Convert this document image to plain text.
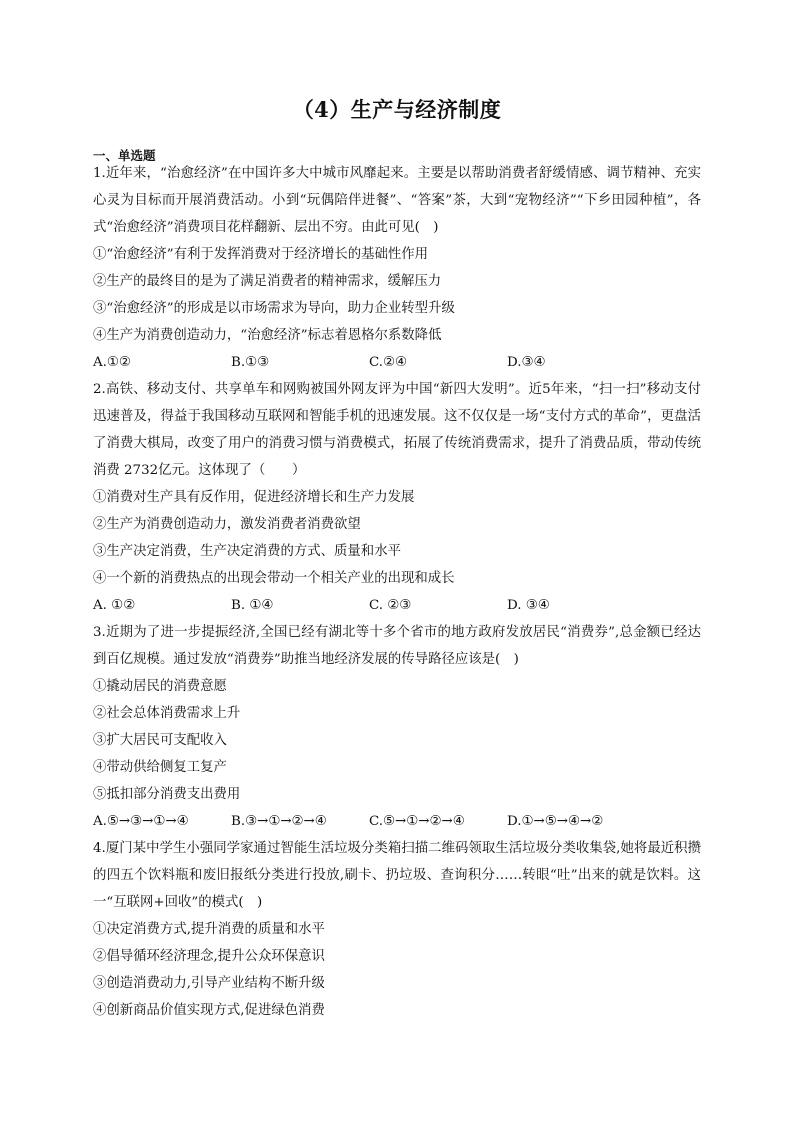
（4）生产与经济制度
一、单选题

1.近年来，“治愈经济”在中国许多大中城市风靡起来。主要是以帮助消费者舒缓情感、调节精神、充实心灵为目标而开展消费活动。小到“玩偶陪伴进餐”、“答案”茶，大到“宠物经济”“下乡田园种植”，各式“治愈经济”消费项目花样翻新、层出不穷。由此可见(　)

①“治愈经济”有利于发挥消费对于经济增长的基础性作用

②生产的最终目的是为了满足消费者的精神需求，缓解压力

③“治愈经济”的形成是以市场需求为导向，助力企业转型升级

④生产为消费创造动力，“治愈经济”标志着恩格尔系数降低

A.①②	B.①③	C.②④	D.③④

2.高铁、移动支付、共享单车和网购被国外网友评为中国“新四大发明”。近5年来，“扫一扫”移动支付迅速普及，得益于我国移动互联网和智能手机的迅速发展。这不仅仅是一场“支付方式的革命”，更盘活了消费大棋局，改变了用户的消费习惯与消费模式，拓展了传统消费需求，提升了消费品质，带动传统消费 2732亿元。这体现了（　　）

①消费对生产具有反作用，促进经济增长和生产力发展

②生产为消费创造动力，激发消费者消费欲望

③生产决定消费，生产决定消费的方式、质量和水平

④一个新的消费热点的出现会带动一个相关产业的出现和成长

A. ①②	B. ①④	C. ②③	D. ③④

3.近期为了进一步提振经济,全国已经有湖北等十多个省市的地方政府发放居民“消费券”,总金额已经达到百亿规模。通过发放“消费券”助推当地经济发展的传导路径应该是(　)

①撬动居民的消费意愿

②社会总体消费需求上升

③扩大居民可支配收入

④带动供给侧复工复产

⑤抵扣部分消费支出费用

A.⑤→③→①→④	B.③→①→②→④	C.⑤→①→②→④	D.①→⑤→④→②

4.厦门某中学生小强同学家通过智能生活垃圾分类箱扫描二维码领取生活垃圾分类收集袋,她将最近积攒的四五个饮料瓶和废旧报纸分类进行投放,刷卡、扔垃圾、查询积分……转眼“吐”出来的就是饮料。这一“互联网+回收”的模式(　)

①决定消费方式,提升消费的质量和水平

②倡导循环经济理念,提升公众环保意识

③创造消费动力,引导产业结构不断升级

④创新商品价值实现方式,促进绿色消费
